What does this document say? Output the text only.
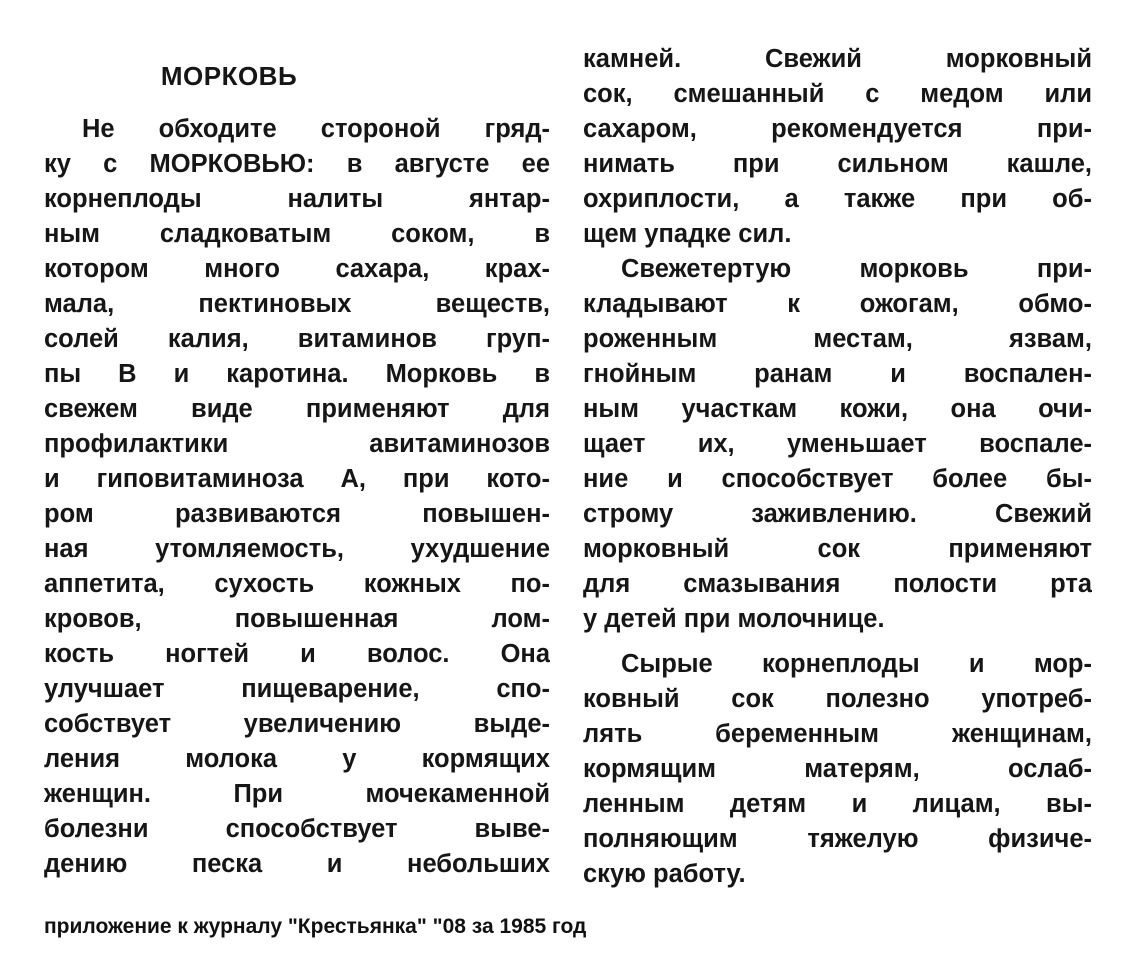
МОРКОВЬ
Не обходите стороной гряд-
ку с МОРКОВЬЮ: в августе ее
корнеплоды налиты янтар-
ным сладковатым соком, в
котором много сахара, крах-
мала, пектиновых веществ,
солей калия, витаминов груп-
пы В и каротина. Морковь в
свежем виде применяют для
профилактики авитаминозов
и гиповитаминоза А, при кото-
ром развиваются повышен-
ная утомляемость, ухудшение
аппетита, сухость кожных по-
кровов, повышенная лом-
кость ногтей и волос. Она
улучшает пищеварение, спо-
собствует увеличению выде-
ления молока у кормящих
женщин. При мочекаменной
болезни способствует выве-
дению песка и небольших
камней. Свежий морковный
сок, смешанный с медом или
сахаром, рекомендуется при-
нимать при сильном кашле,
охриплости, а также при об-
щем упадке сил.
Свежетертую морковь при-
кладывают к ожогам, обмо-
роженным местам, язвам,
гнойным ранам и воспален-
ным участкам кожи, она очи-
щает их, уменьшает воспале-
ние и способствует более бы-
строму заживлению. Свежий
морковный сок применяют
для смазывания полости рта
у детей при молочнице.
Сырые корнеплоды и мор-
ковный сок полезно употреб-
лять беременным женщинам,
кормящим матерям, ослаб-
ленным детям и лицам, вы-
полняющим тяжелую физиче-
скую работу.
приложение к журналу "Крестьянка" "08 за 1985 год
